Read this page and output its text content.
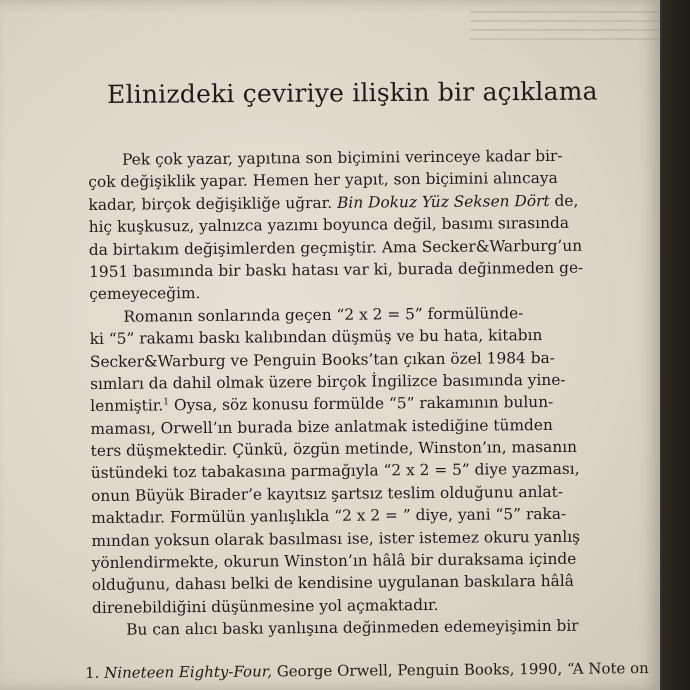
Elinizdeki çeviriye ilişkin bir açıklama
Pek çok yazar, yapıtına son biçimini verinceye kadar bir-
çok değişiklik yapar. Hemen her yapıt, son biçimini alıncaya
kadar, birçok değişikliğe uğrar. Bin Dokuz Yüz Seksen Dört de,
hiç kuşkusuz, yalnızca yazımı boyunca değil, basımı sırasında
da birtakım değişimlerden geçmiştir. Ama Secker&Warburg’un
1951 basımında bir baskı hatası var ki, burada değinmeden ge-
çemeyeceğim.
Romanın sonlarında geçen “2 x 2 = 5” formülünde-
ki “5” rakamı baskı kalıbından düşmüş ve bu hata, kitabın
Secker&Warburg ve Penguin Books’tan çıkan özel 1984 ba-
sımları da dahil olmak üzere birçok İngilizce basımında yine-
lenmiştir.$^1$ Oysa, söz konusu formülde “5” rakamının bulun-
maması, Orwell’ın burada bize anlatmak istediğine tümden
ters düşmektedir. Çünkü, özgün metinde, Winston’ın, masanın
üstündeki toz tabakasına parmağıyla “2 x 2 = 5” diye yazması,
onun Büyük Birader’e kayıtsız şartsız teslim olduğunu anlat-
maktadır. Formülün yanlışlıkla “2 x 2 = ” diye, yani “5” raka-
mından yoksun olarak basılması ise, ister istemez okuru yanlış
yönlendirmekte, okurun Winston’ın hâlâ bir duraksama içinde
olduğunu, dahası belki de kendisine uygulanan baskılara hâlâ
direnebildiğini düşünmesine yol açmaktadır.
Bu can alıcı baskı yanlışına değinmeden edemeyişimin bir
1. Nineteen Eighty-Four, George Orwell, Penguin Books, 1990, “A Note on
